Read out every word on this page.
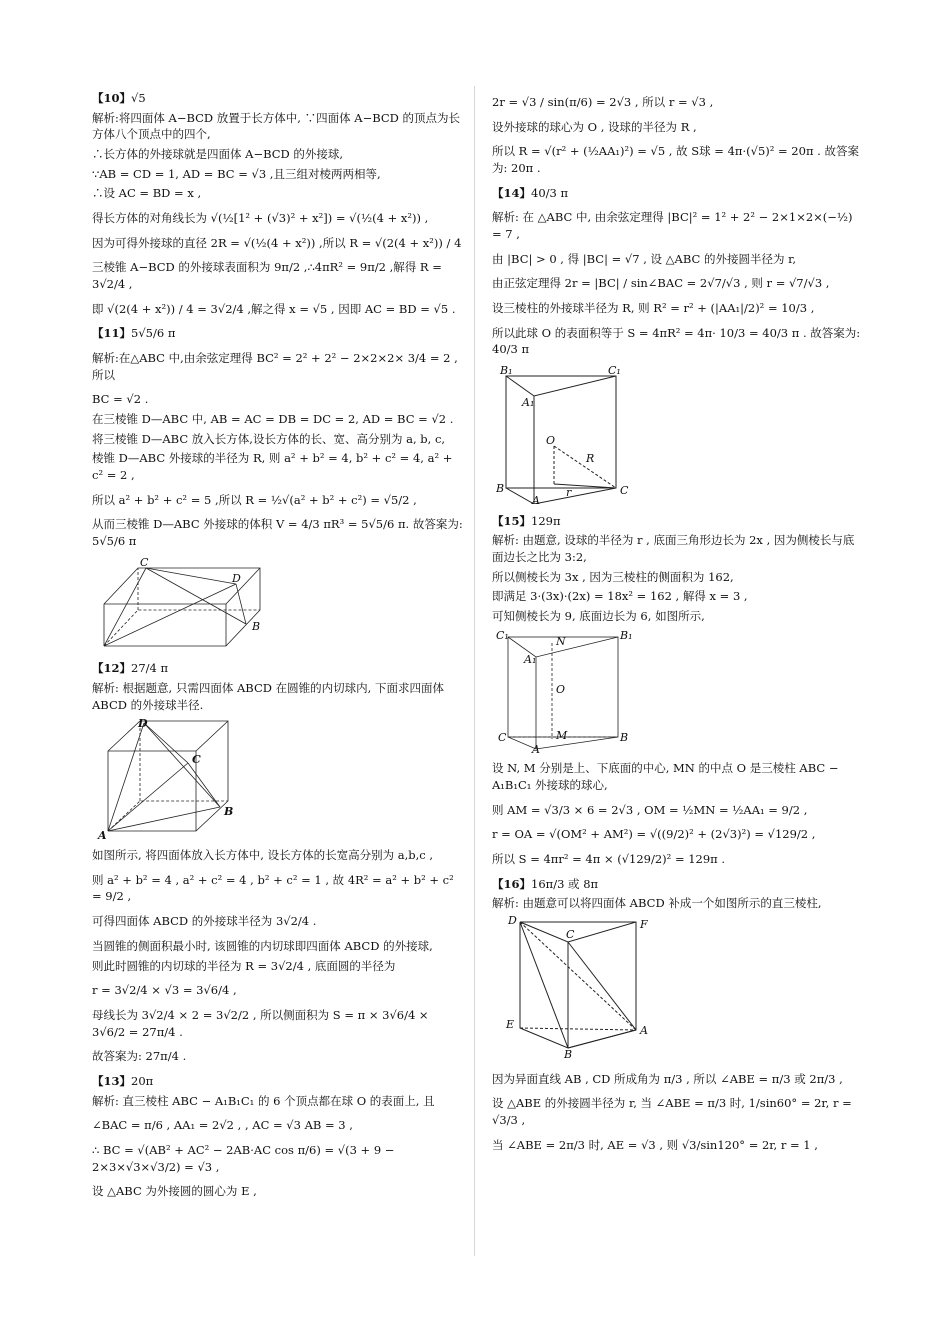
【10】√5
解析:将四面体 A−BCD 放置于长方体中, ∵四面体 A−BCD 的顶点为长方体八个顶点中的四个,
∴长方体的外接球就是四面体 A−BCD 的外接球,
∵AB = CD = 1, AD = BC = √3 ,且三组对棱两两相等,
∴设 AC = BD = x ,
得长方体的对角线长为 √(½[1² + (√3)² + x²]) = √(½(4 + x²)) ,
因为可得外接球的直径 2R = √(½(4 + x²)) ,所以 R = √(2(4 + x²)) / 4
三棱锥 A−BCD 的外接球表面积为 9π/2 ,∴4πR² = 9π/2 ,解得 R = 3√2/4 ,
即 √(2(4 + x²)) / 4 = 3√2/4 ,解之得 x = √5 , 因即 AC = BD = √5 .
【11】5√5/6 π
解析:在△ABC 中,由余弦定理得 BC² = 2² + 2² − 2×2×2× 3/4 = 2 ,所以
BC = √2 .
在三棱锥 D—ABC 中, AB = AC = DB = DC = 2, AD = BC = √2 .
将三棱锥 D—ABC 放入长方体,设长方体的长、宽、高分别为 a, b, c,
棱锥 D—ABC 外接球的半径为 R, 则 a² + b² = 4, b² + c² = 4, a² + c² = 2 ,
所以 a² + b² + c² = 5 ,所以 R = ½√(a² + b² + c²) = √5/2 ,
从而三棱锥 D—ABC 外接球的体积 V = 4/3 πR³ = 5√5/6 π. 故答案为: 5√5/6 π
C
D
B
【12】27/4 π
解析: 根据题意, 只需四面体 ABCD 在圆锥的内切球内, 下面求四面体 ABCD 的外接球半径.
D
C
B
A
如图所示, 将四面体放入长方体中, 设长方体的长宽高分别为 a,b,c ,
则 a² + b² = 4 , a² + c² = 4 , b² + c² = 1 , 故 4R² = a² + b² + c² = 9/2 ,
可得四面体 ABCD 的外接球半径为 3√2/4 .
当圆锥的侧面积最小时, 该圆锥的内切球即四面体 ABCD 的外接球,
则此时圆锥的内切球的半径为 R = 3√2/4 , 底面圆的半径为
r = 3√2/4 × √3 = 3√6/4 ,
母线长为 3√2/4 × 2 = 3√2/2 , 所以侧面积为 S = π × 3√6/4 × 3√6/2 = 27π/4 .
故答案为: 27π/4 .
【13】20π
解析: 直三棱柱 ABC − A₁B₁C₁ 的 6 个顶点都在球 O 的表面上, 且
∠BAC = π/6 , AA₁ = 2√2 , , AC = √3 AB = 3 ,
∴ BC = √(AB² + AC² − 2AB·AC cos π/6) = √(3 + 9 − 2×3×√3×√3/2) = √3 ,
设 △ABC 为外接圆的圆心为 E ,
2r = √3 / sin(π/6) = 2√3 , 所以 r = √3 ,
设外接球的球心为 O , 设球的半径为 R ,
所以 R = √(r² + (½AA₁)²) = √5 , 故 S球 = 4π·(√5)² = 20π . 故答案为: 20π .
【14】40/3 π
解析: 在 △ABC 中, 由余弦定理得 |BC|² = 1² + 2² − 2×1×2×(−½) = 7 ,
由 |BC| > 0 , 得 |BC| = √7 , 设 △ABC 的外接圆半径为 r,
由正弦定理得 2r = |BC| / sin∠BAC = 2√7/√3 , 则 r = √7/√3 ,
设三棱柱的外接球半径为 R, 则 R² = r² + (|AA₁|/2)² = 10/3 ,
所以此球 O 的表面积等于 S = 4πR² = 4π· 10/3 = 40/3 π . 故答案为: 40/3 π
B₁	C₁
A₁
O
R
B	r	C
A
【15】129π
解析: 由题意, 设球的半径为 r , 底面三角形边长为 2x , 因为侧棱长与底面边长之比为 3:2,
所以侧棱长为 3x , 因为三棱柱的侧面积为 162,
即满足 3·(3x)·(2x) = 18x² = 162 , 解得 x = 3 ,
可知侧棱长为 9, 底面边长为 6, 如图所示,
C₁	N	B₁
A₁
O
C	M	B
A
设 N, M 分别是上、下底面的中心, MN 的中点 O 是三棱柱 ABC − A₁B₁C₁ 外接球的球心,
则 AM = √3/3 × 6 = 2√3 , OM = ½MN = ½AA₁ = 9/2 ,
r = OA = √(OM² + AM²) = √((9/2)² + (2√3)²) = √129/2 ,
所以 S = 4πr² = 4π × (√129/2)² = 129π .
【16】16π/3 或 8π
解析: 由题意可以将四面体 ABCD 补成一个如图所示的直三棱柱,
D	F
C
E	A
B
因为异面直线 AB , CD 所成角为 π/3 , 所以 ∠ABE = π/3 或 2π/3 ,
设 △ABE 的外接圆半径为 r, 当 ∠ABE = π/3 时, 1/sin60° = 2r, r = √3/3 ,
当 ∠ABE = 2π/3 时, AE = √3 , 则 √3/sin120° = 2r, r = 1 ,
